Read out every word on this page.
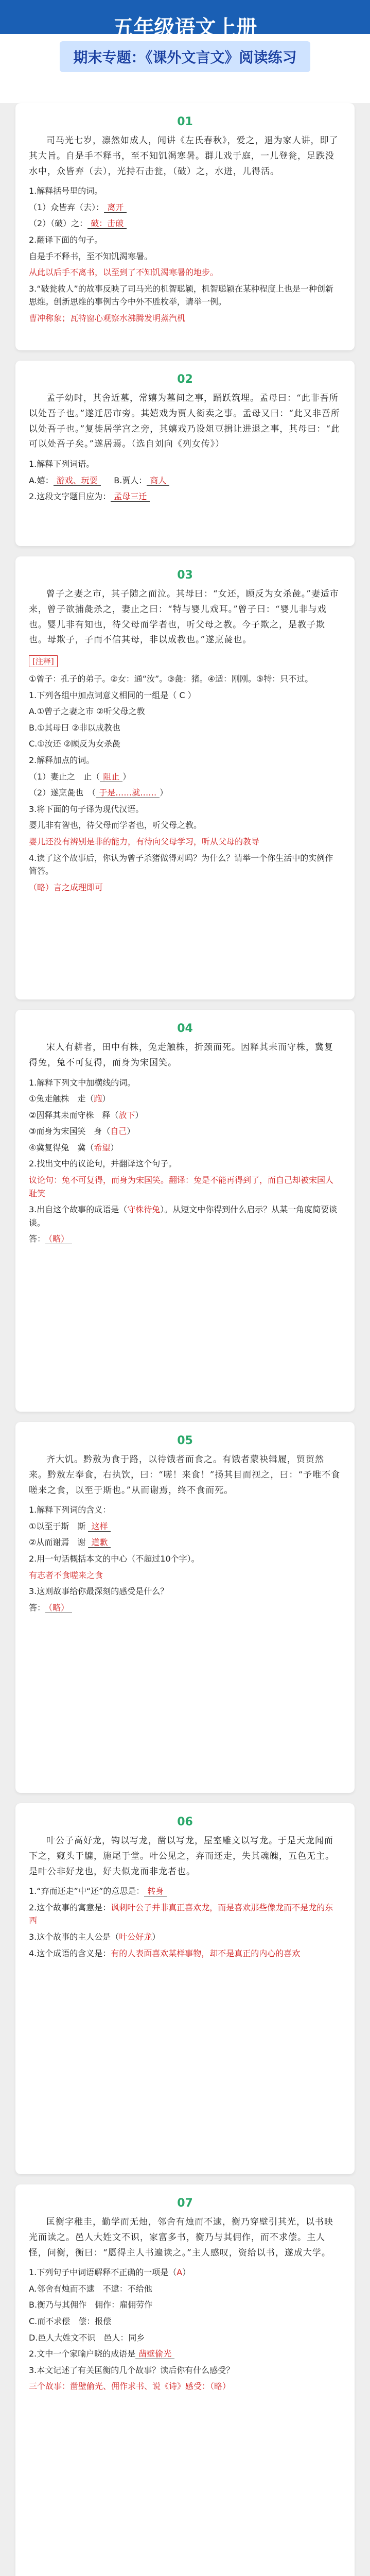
五年级语文上册
期末专题：《课外文言文》阅读练习
01

司马光七岁，凛然如成人，闻讲《左氏春秋》，爱之，退为家人讲，即了其大旨。自是手不释书，至不知饥渴寒暑。群儿戏于庭，一儿登瓮，足跌没水中，众皆弃（去），光持石击瓮，（破）之，水迸，儿得活。

1.解释括号里的词。
（1）众皆弃（去）： 离开
（2）（破）之： 破：击破
2.翻译下面的句子。
自是手不释书，至不知饥渴寒暑。
从此以后手不离书，以至到了不知饥渴寒暑的地步。
3.“破瓮救人”的故事反映了司马光的机智聪颖，机智聪颖在某种程度上也是一种创新思维。创新思维的事例古今中外不胜枚举，请举一例。
曹冲称象；瓦特窗心观察水沸腾发明蒸汽机
02

孟子幼时，其舍近墓，常嬉为墓间之事，踊跃筑埋。孟母曰：“此非吾所以处吾子也。”遂迁居市旁。其嬉戏为贾人衒卖之事。孟母又曰：“此又非吾所以处吾子也。”复徙居学宫之旁，其嬉戏乃设俎豆揖让进退之事，其母曰：“此可以处吾子矣。”遂居焉。（选自刘向《列女传》）

1.解释下列词语。
A.嬉： 游戏、玩耍 B.贾人： 商人
2.这段文字题目应为： 孟母三迁
03

曾子之妻之市，其子随之而泣。其母曰：“女还，顾反为女杀彘。”妻适市来，曾子欲捕彘杀之，妻止之曰：“特与婴儿戏耳。”曾子曰：“婴儿非与戏也。婴儿非有知也，待父母而学者也，听父母之教。今子欺之，是教子欺也。母欺子，子而不信其母，非以成教也。”遂烹彘也。

[注释]
①曾子：孔子的弟子。②女：通“汝”。③彘：猪。④适：刚刚。⑤特：只不过。
1.下列各组中加点词意义相同的一组是（ C ）
A.①曾子之妻之市 ②听父母之教
B.①其母曰 ②非以成教也
C.①汝还 ②顾反为女杀彘
2.解释加点的词。
（1）妻止之　止（ 阻止 ）
（2）遂烹彘也　（ 于是……就…… ）
3.将下面的句子译为现代汉语。
婴儿非有智也，待父母而学者也，听父母之教。
婴儿还没有辨别是非的能力，有待向父母学习，听从父母的教导
4.读了这个故事后，你认为曾子杀猪做得对吗？为什么？请举一个你生活中的实例作简答。
（略）言之成理即可
04

宋人有耕者，田中有株，兔走触株，折颈而死。因释其耒而守株，冀复得兔，兔不可复得，而身为宋国笑。

1.解释下列文中加横线的词。
①兔走触株　走（跑）
②因释其耒而守株　释（放下）
③而身为宋国笑　身（自己）
④冀复得兔　冀（希望）
2.找出文中的议论句，并翻译这个句子。
议论句：兔不可复得，而身为宋国笑。翻译：兔是不能再得到了，而自己却被宋国人耻笑
3.出自这个故事的成语是（守株待兔）。从短文中你得到什么启示？从某一角度简要谈谈。
答： （略）
05

齐大饥。黔敖为食于路，以待饿者而食之。有饿者蒙袂辑履，贸贸然来。黔敖左奉食，右执饮，曰：“嗟！来食！”扬其目而视之，曰：“予唯不食嗟来之食，以至于斯也。”从而谢焉，终不食而死。

1.解释下列词的含义：
①以至于斯　斯 这样
②从而谢焉　谢 道歉
2.用一句话概括本文的中心（不超过10个字）。
有志者不食嗟来之食
3.这则故事给你最深刻的感受是什么？
答： （略）
06

叶公子高好龙，钩以写龙，凿以写龙，屋室雕文以写龙。于是天龙闻而下之，窥头于牖，施尾于堂。叶公见之，弃而还走，失其魂魄，五色无主。是叶公非好龙也，好夫似龙而非龙者也。

1.“弃而还走”中“还”的意思是： 转身
2.这个故事的寓意是：讽刺叶公子并非真正喜欢龙，而是喜欢那些像龙而不是龙的东西
3.这个故事的主人公是（叶公好龙）
4.这个成语的含义是：有的人表面喜欢某样事物，却不是真正的内心的喜欢
07

匡衡字稚圭，勤学而无烛，邻舍有烛而不逮，衡乃穿壁引其光，以书映光而读之。邑人大姓文不识，家富多书，衡乃与其佣作，而不求偿。主人怪，问衡，衡曰：“愿得主人书遍读之。”主人感叹，资给以书，遂成大学。

1.下列句子中词语解释不正确的一项是（A）
A.邻舍有烛而不逮　不逮：不给他
B.衡乃与其佣作　佣作：雇佣劳作
C.而不求偿　偿：报偿
D.邑人大姓文不识　邑人：同乡
2.文中一个家喻户晓的成语是 凿壁偷光
3.本文记述了有关匡衡的几个故事？读后你有什么感受？
三个故事：凿壁偷光、佣作求书、说《诗》感受：（略）
